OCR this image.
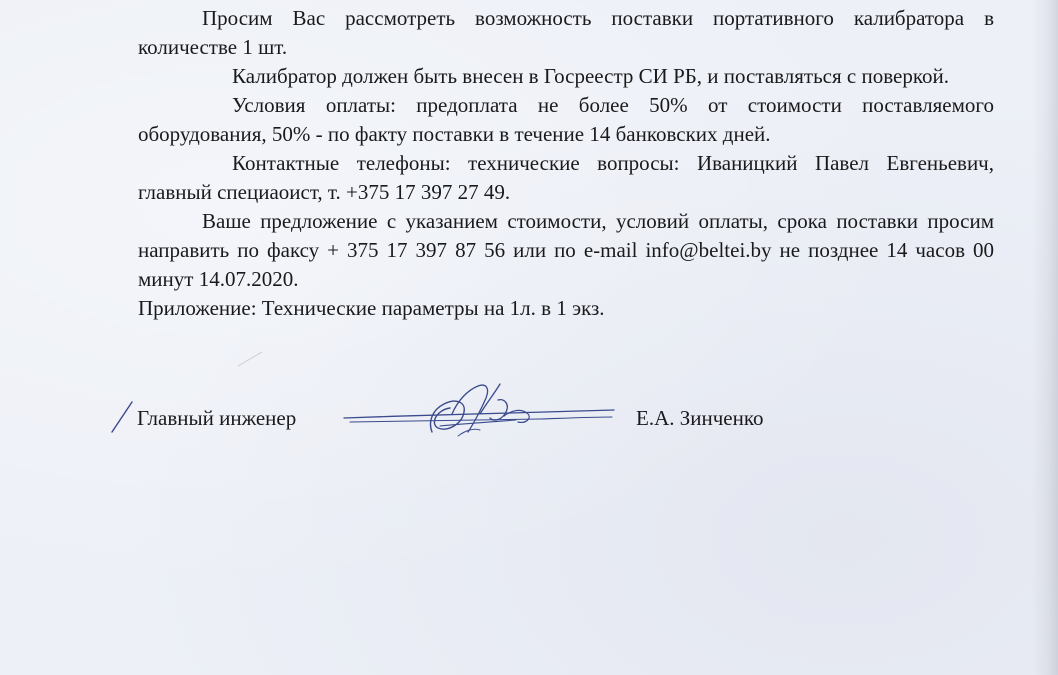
Просим Вас рассмотреть возможность поставки портативного калибратора в количестве 1 шт.

Калибратор должен быть внесен в Госреестр СИ РБ, и поставляться с поверкой.

Условия оплаты: предоплата не более 50% от стоимости поставляемого оборудования, 50% - по факту поставки в течение 14 банковских дней.

Контактные телефоны: технические вопросы: Иваницкий Павел Евгеньевич, главный специаоист, т. +375 17 397 27 49.

Ваше предложение с указанием стоимости, условий оплаты, срока поставки просим направить по факсу + 375 17 397 87 56 или по e-mail info@beltei.by не позднее 14 часов 00 минут 14.07.2020.

Приложение: Технические параметры на 1л. в 1 экз.

Главный инженер	Е.А. Зинченко
